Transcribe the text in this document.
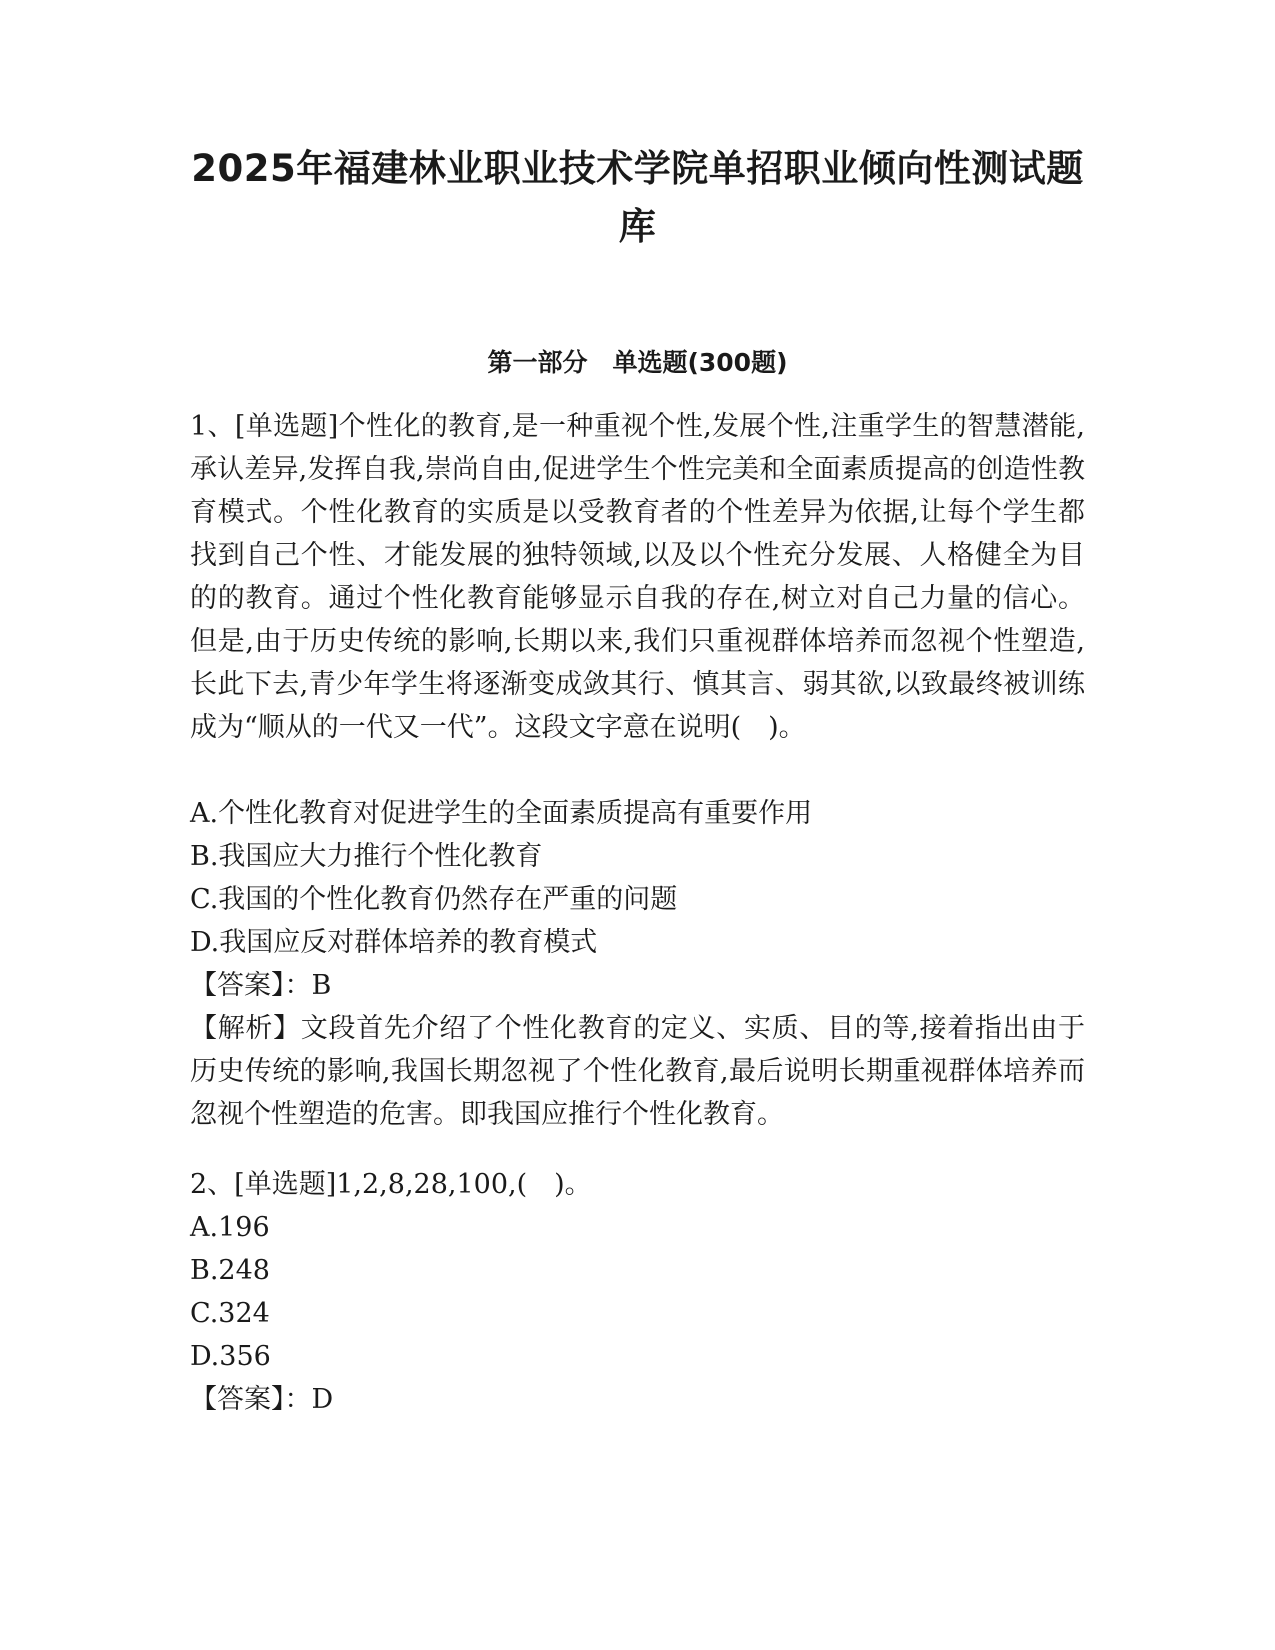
2025年福建林业职业技术学院单招职业倾向性测试题
库
第一部分　单选题(300题)

1、[单选题]个性化的教育,是一种重视个性,发展个性,注重学生的智慧潜能,承认差异,发挥自我,崇尚自由,促进学生个性完美和全面素质提高的创造性教育模式。个性化教育的实质是以受教育者的个性差异为依据,让每个学生都找到自己个性、才能发展的独特领域,以及以个性充分发展、人格健全为目的的教育。通过个性化教育能够显示自我的存在,树立对自己力量的信心。但是,由于历史传统的影响,长期以来,我们只重视群体培养而忽视个性塑造,长此下去,青少年学生将逐渐变成敛其行、慎其言、弱其欲,以致最终被训练成为“顺从的一代又一代”。这段文字意在说明(　)。

A.个性化教育对促进学生的全面素质提高有重要作用
B.我国应大力推行个性化教育
C.我国的个性化教育仍然存在严重的问题
D.我国应反对群体培养的教育模式
【答案】：B

【解析】文段首先介绍了个性化教育的定义、实质、目的等,接着指出由于历史传统的影响,我国长期忽视了个性化教育,最后说明长期重视群体培养而忽视个性塑造的危害。即我国应推行个性化教育。

2、[单选题]1,2,8,28,100,(　)。
A.196
B.248
C.324
D.356
【答案】：D
